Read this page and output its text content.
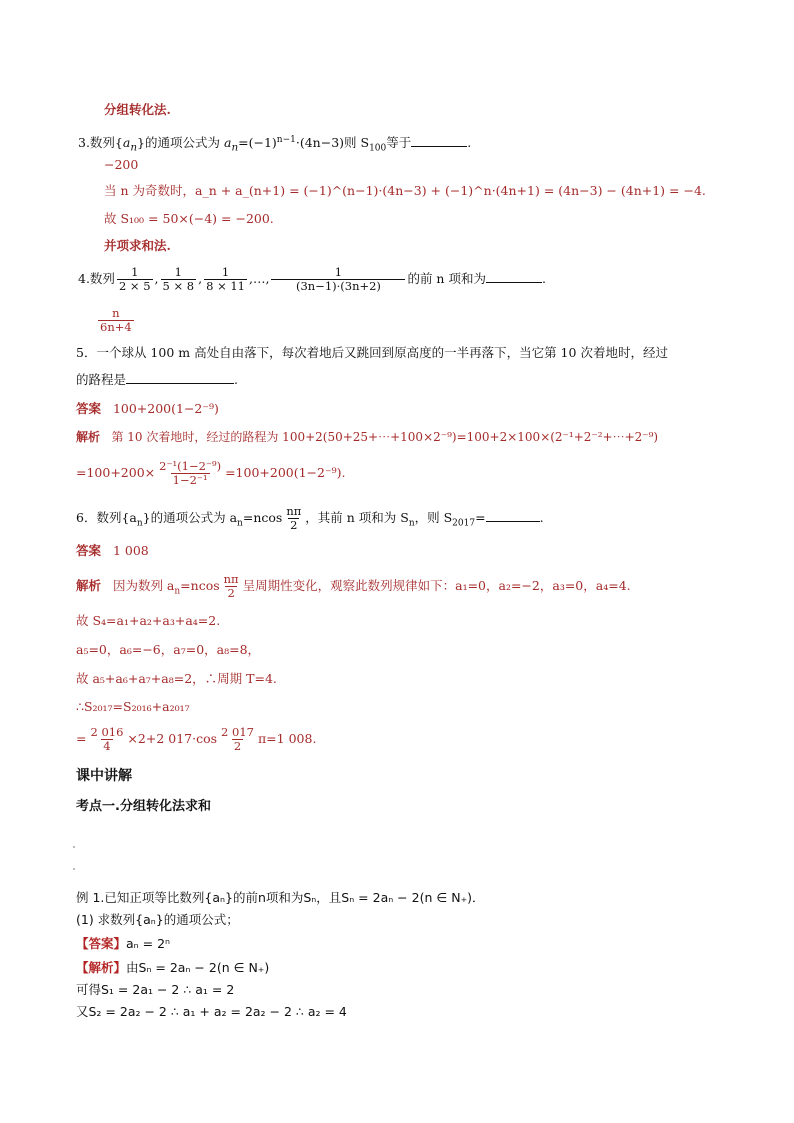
分组转化法.
3.数列$\{a_n\}$的通项公式为 $a_n=(-1)^{n-1}\cdot(4n-3)$则 $S_{100}$等于	.
−200
当 n 为奇数时，a_n + a_(n+1) = (−1)^(n−1)·(4n−3) + (−1)^n·(4n+1) = (4n−3) − (4n+1) = −4.
故 S₁₀₀ = 50×(−4) = −200.
并项求和法.
4.数列 $\frac{1}{2 \times 5}$ , $\frac{1}{5 \times 8}$ , $\frac{1}{8 \times 11}$ ,…, $\frac{1}{(3n-1)\cdot(3n+2)}$ 的前 n 项和为	.
$\frac{n}{6n+4}$
5．一个球从 100 m 高处自由落下，每次着地后又跳回到原高度的一半再落下，当它第 10 次着地时，经过
的路程是	.
答案 100+200(1−2⁻⁹)
解析 第 10 次着地时，经过的路程为 100+2(50+25+⋯+100×2⁻⁹)=100+2×100×(2⁻¹+2⁻²+⋯+2⁻⁹)
$=100+200\times \frac{\text{2⁻¹(1−2⁻⁹)}}{\text{1−2⁻¹}} =100+200(1-2^{-9})$.
6．数列$\{a_n\}$的通项公式为 $a_n=ncos \frac{n\pi}{2}$ ，其前 n 项和为 $S_n$，则 $S_{2017}=$	.
答案 1 008
解析 因为数列 $a_n=ncos \frac{n\pi}{2}$ 呈周期性变化，观察此数列规律如下：a₁=0，a₂=−2，a₃=0，a₄=4.
故 S₄=a₁+a₂+a₃+a₄=2.
a₅=0，a₆=−6，a₇=0，a₈=8，
故 a₅+a₆+a₇+a₈=2，∴周期 T=4.
∴S₂₀₁₇=S₂₀₁₆+a₂₀₁₇
= $\frac{2 016}{4} \times 2+2$ $017\cdot\cos \frac{2 017}{2} \pi=1$ 008.
课中讲解
考点一.分组转化法求和
例 1.已知正项等比数列{aₙ}的前n项和为Sₙ，且Sₙ = 2aₙ − 2(n ∈ N₊)．
(1) 求数列{aₙ}的通项公式；
【答案】aₙ = 2ⁿ
【解析】由Sₙ = 2aₙ − 2(n ∈ N₊)
可得S₁ = 2a₁ − 2 ∴ a₁ = 2
又S₂ = 2a₂ − 2 ∴ a₁ + a₂ = 2a₂ − 2 ∴ a₂ = 4
